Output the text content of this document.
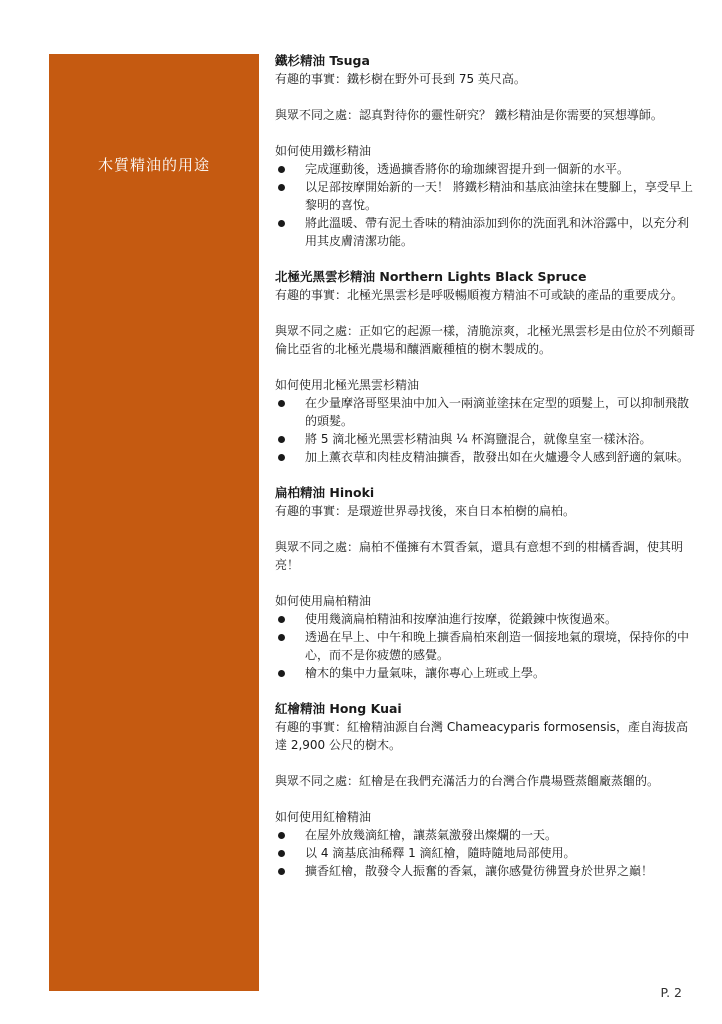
木質精油的用途
鐵杉精油 Tsuga
有趣的事實：鐵杉樹在野外可長到 75 英尺高。
與眾不同之處：認真對待你的靈性研究？ 鐵杉精油是你需要的冥想導師。
如何使用鐵杉精油
完成運動後，透過擴香將你的瑜珈練習提升到一個新的水平。
以足部按摩開始新的一天！ 將鐵杉精油和基底油塗抹在雙腳上，享受早上黎明的喜悅。
將此溫暖、帶有泥土香味的精油添加到你的洗面乳和沐浴露中，以充分利用其皮膚清潔功能。
北極光黑雲杉精油 Northern Lights Black Spruce
有趣的事實：北極光黑雲杉是呼吸暢順複方精油不可或缺的產品的重要成分。
與眾不同之處：正如它的起源一樣，清脆涼爽，北極光黑雲杉是由位於不列顛哥倫比亞省的北極光農場和釀酒廠種植的樹木製成的。
如何使用北極光黑雲杉精油
在少量摩洛哥堅果油中加入一兩滴並塗抹在定型的頭髮上，可以抑制飛散的頭髮。
將 5 滴北極光黑雲杉精油與 ¼ 杯瀉鹽混合，就像皇室一樣沐浴。
加上薰衣草和肉桂皮精油擴香，散發出如在火爐邊令人感到舒適的氣味。
扁柏精油 Hinoki
有趣的事實：是環遊世界尋找後，來自日本柏樹的扁柏。
與眾不同之處：扁柏不僅擁有木質香氣，還具有意想不到的柑橘香調，使其明亮！
如何使用扁柏精油
使用幾滴扁柏精油和按摩油進行按摩，從鍛鍊中恢復過來。
透過在早上、中午和晚上擴香扁柏來創造一個接地氣的環境，保持你的中心，而不是你疲憊的感覺。
檜木的集中力量氣味，讓你專心上班或上學。
紅檜精油 Hong Kuai
有趣的事實：紅檜精油源自台灣 Chameacyparis formosensis，產自海拔高達 2,900 公尺的樹木。
與眾不同之處：紅檜是在我們充滿活力的台灣合作農場暨蒸餾廠蒸餾的。
如何使用紅檜精油
在屋外放幾滴紅檜，讓蒸氣激發出燦爛的一天。
以 4 滴基底油稀釋 1 滴紅檜，隨時隨地局部使用。
擴香紅檜，散發令人振奮的香氣，讓你感覺彷彿置身於世界之巔！
P. 2
